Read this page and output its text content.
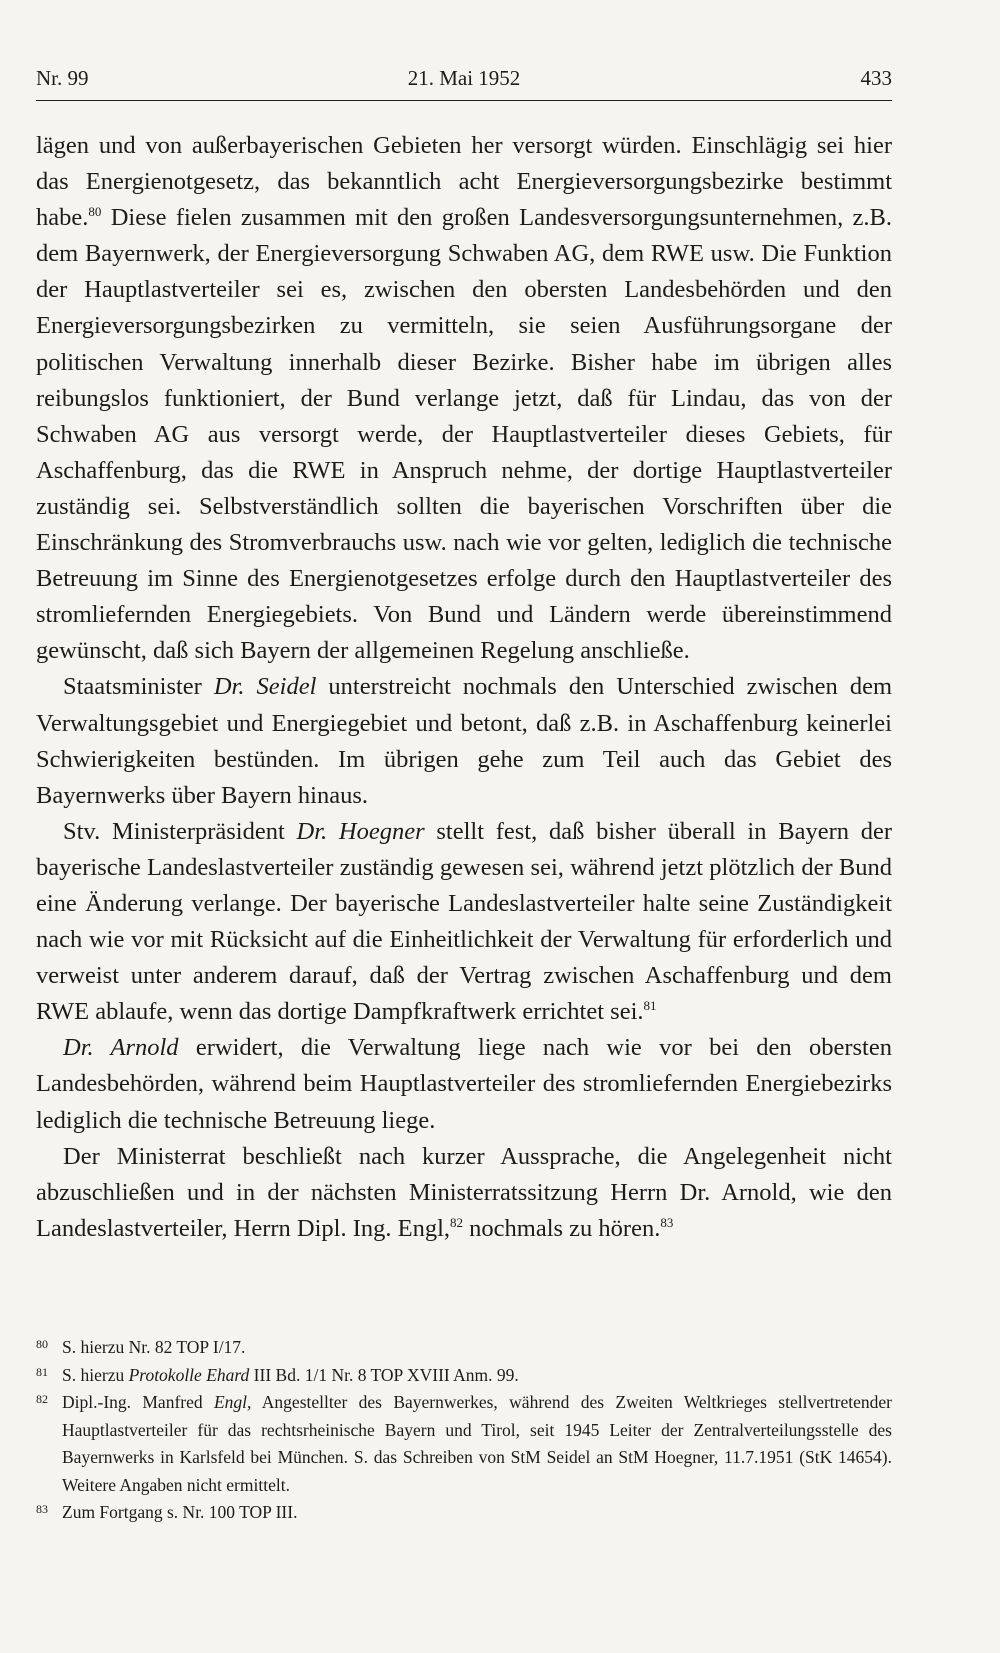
Nr. 99	21. Mai 1952	433

lägen und von außerbayerischen Gebieten her versorgt würden. Einschlägig sei hier das Energienotgesetz, das bekanntlich acht Energieversorgungsbezirke bestimmt habe.$^{80}$ Diese fielen zusammen mit den großen Landesversorgungsunternehmen, z.B. dem Bayernwerk, der Energieversorgung Schwaben AG, dem RWE usw. Die Funktion der Hauptlastverteiler sei es, zwischen den obersten Landesbehörden und den Energieversorgungsbezirken zu vermitteln, sie seien Ausführungsorgane der politischen Verwaltung innerhalb dieser Bezirke. Bisher habe im übrigen alles reibungslos funktioniert, der Bund verlange jetzt, daß für Lindau, das von der Schwaben AG aus versorgt werde, der Hauptlastverteiler dieses Gebiets, für Aschaffenburg, das die RWE in Anspruch nehme, der dortige Hauptlastverteiler zuständig sei. Selbstverständlich sollten die bayerischen Vorschriften über die Einschränkung des Stromverbrauchs usw. nach wie vor gelten, lediglich die technische Betreuung im Sinne des Energienotgesetzes erfolge durch den Hauptlastverteiler des stromliefernden Energiegebiets. Von Bund und Ländern werde übereinstimmend gewünscht, daß sich Bayern der allgemeinen Regelung anschließe.

Staatsminister Dr. Seidel unterstreicht nochmals den Unterschied zwischen dem Verwaltungsgebiet und Energiegebiet und betont, daß z.B. in Aschaffenburg keinerlei Schwierigkeiten bestünden. Im übrigen gehe zum Teil auch das Gebiet des Bayernwerks über Bayern hinaus.

Stv. Ministerpräsident Dr. Hoegner stellt fest, daß bisher überall in Bayern der bayerische Landeslastverteiler zuständig gewesen sei, während jetzt plötzlich der Bund eine Änderung verlange. Der bayerische Landeslastverteiler halte seine Zuständigkeit nach wie vor mit Rücksicht auf die Einheitlichkeit der Verwaltung für erforderlich und verweist unter anderem darauf, daß der Vertrag zwischen Aschaffenburg und dem RWE ablaufe, wenn das dortige Dampfkraftwerk errichtet sei.$^{81}$

Dr. Arnold erwidert, die Verwaltung liege nach wie vor bei den obersten Landesbehörden, während beim Hauptlastverteiler des stromliefernden Energiebezirks lediglich die technische Betreuung liege.

Der Ministerrat beschließt nach kurzer Aussprache, die Angelegenheit nicht abzuschließen und in der nächsten Ministerratssitzung Herrn Dr. Arnold, wie den Landeslastverteiler, Herrn Dipl. Ing. Engl,$^{82}$ nochmals zu hören.$^{83}$

80 S. hierzu Nr. 82 TOP I/17.

81 S. hierzu Protokolle Ehard III Bd. 1/1 Nr. 8 TOP XVIII Anm. 99.

82 Dipl.-Ing. Manfred Engl, Angestellter des Bayernwerkes, während des Zweiten Weltkrieges stellvertretender Hauptlastverteiler für das rechtsrheinische Bayern und Tirol, seit 1945 Leiter der Zentralverteilungsstelle des Bayernwerks in Karlsfeld bei München. S. das Schreiben von StM Seidel an StM Hoegner, 11.7.1951 (StK 14654). Weitere Angaben nicht ermittelt.

83 Zum Fortgang s. Nr. 100 TOP III.
